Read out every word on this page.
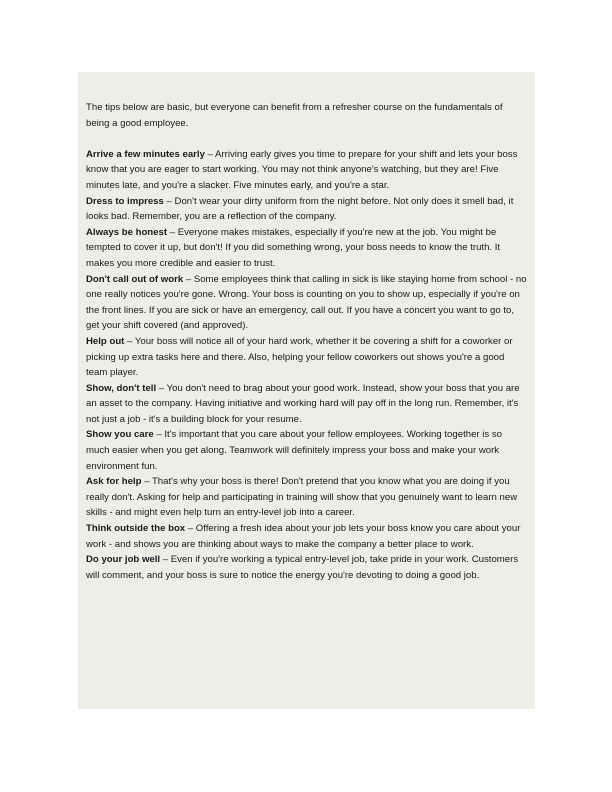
The tips below are basic, but everyone can benefit from a refresher course on the fundamentals of being a good employee.

Arrive a few minutes early – Arriving early gives you time to prepare for your shift and lets your boss know that you are eager to start working. You may not think anyone's watching, but they are! Five minutes late, and you're a slacker. Five minutes early, and you're a star.

Dress to impress – Don't wear your dirty uniform from the night before. Not only does it smell bad, it looks bad. Remember, you are a reflection of the company.

Always be honest – Everyone makes mistakes, especially if you're new at the job. You might be tempted to cover it up, but don't! If you did something wrong, your boss needs to know the truth. It makes you more credible and easier to trust.

Don't call out of work – Some employees think that calling in sick is like staying home from school - no one really notices you're gone. Wrong. Your boss is counting on you to show up, especially if you're on the front lines. If you are sick or have an emergency, call out. If you have a concert you want to go to, get your shift covered (and approved).

Help out – Your boss will notice all of your hard work, whether it be covering a shift for a coworker or picking up extra tasks here and there. Also, helping your fellow coworkers out shows you're a good team player.

Show, don't tell – You don't need to brag about your good work. Instead, show your boss that you are an asset to the company. Having initiative and working hard will pay off in the long run. Remember, it's not just a job - it's a building block for your resume.

Show you care – It's important that you care about your fellow employees. Working together is so much easier when you get along. Teamwork will definitely impress your boss and make your work environment fun.

Ask for help – That's why your boss is there! Don't pretend that you know what you are doing if you really don't. Asking for help and participating in training will show that you genuinely want to learn new skills - and might even help turn an entry-level job into a career.

Think outside the box – Offering a fresh idea about your job lets your boss know you care about your work - and shows you are thinking about ways to make the company a better place to work.

Do your job well – Even if you're working a typical entry-level job, take pride in your work. Customers will comment, and your boss is sure to notice the energy you're devoting to doing a good job.
